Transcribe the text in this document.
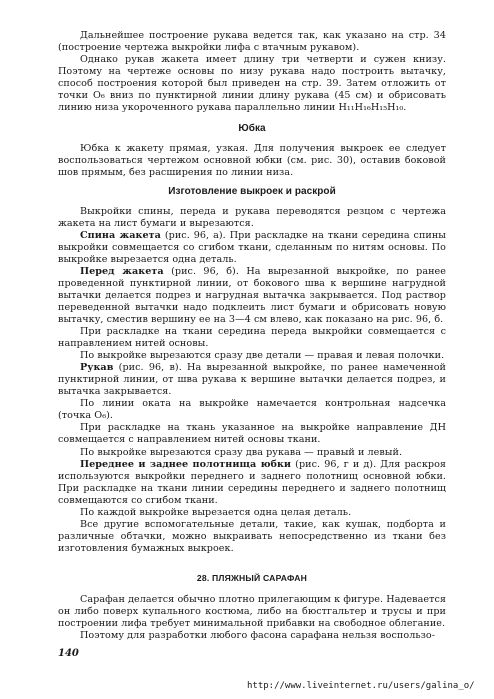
Дальнейшее построение рукава ведется так, как указано на стр. 34 (построение чертежа выкройки лифа с втачным рукавом).

Однако рукав жакета имеет длину три четверти и сужен книзу. Поэтому на чертеже основы по низу рукава надо построить вытачку, способ построения которой был приведен на стр. 39. Затем отложить от точки O₆ вниз по пунктирной линии длину рукава (45 см) и обрисовать линию низа укороченного рукава параллельно линии H₁₁H₁₆H₁₅H₁₀.

Юбка

Юбка к жакету прямая, узкая. Для получения выкроек ее следует воспользоваться чертежом основной юбки (см. рис. 30), оставив боковой шов прямым, без расширения по линии низа.

Изготовление выкроек и раскрой

Выкройки спины, переда и рукава переводятся резцом с чертежа жакета на лист бумаги и вырезаются.

Спина жакета (рис. 96, а). При раскладке на ткани середина спины выкройки совмещается со сгибом ткани, сделанным по нитям основы. По выкройке вырезается одна деталь.

Перед жакета (рис. 96, б). На вырезанной выкройке, по ранее проведенной пунктирной линии, от бокового шва к вершине нагрудной вытачки делается подрез и нагрудная вытачка закрывается. Под раствор переведенной вытачки надо подклеить лист бумаги и обрисовать новую вытачку, сместив вершину ее на 3—4 см влево, как показано на рис. 96, б.

При раскладке на ткани середина переда выкройки совмещается с направлением нитей основы.

По выкройке вырезаются сразу две детали — правая и левая полочки.

Рукав (рис. 96, в). На вырезанной выкройке, по ранее намеченной пунктирной линии, от шва рукава к вершине вытачки делается подрез, и вытачка закрывается.

По линии оката на выкройке намечается контрольная надсечка (точка O₆).

При раскладке на ткань указанное на выкройке направление ДН совмещается с направлением нитей основы ткани.

По выкройке вырезаются сразу два рукава — правый и левый.

Переднее и заднее полотнища юбки (рис. 96, г и д). Для раскроя используются выкройки переднего и заднего полотнищ основной юбки. При раскладке на ткани линии середины переднего и заднего полотнищ совмещаются со сгибом ткани.

По каждой выкройке вырезается одна целая деталь.

Все другие вспомогательные детали, такие, как кушак, подборта и различные обтачки, можно выкраивать непосредственно из ткани без изготовления бумажных выкроек.

28. ПЛЯЖНЫЙ САРАФАН

Сарафан делается обычно плотно прилегающим к фигуре. Надевается он либо поверх купального костюма, либо на бюстгальтер и трусы и при построении лифа требует минимальной прибавки на свободное облегание.

Поэтому для разработки любого фасона сарафана нельзя воспользо-

140
http://www.liveinternet.ru/users/galina_o/
